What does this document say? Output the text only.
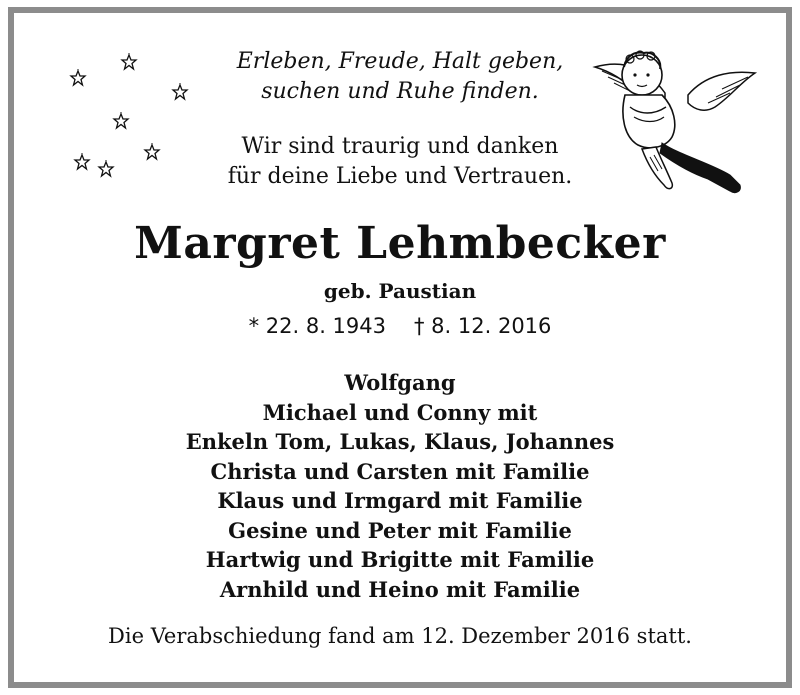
Erleben, Freude, Halt geben,
suchen und Ruhe finden.
Wir sind traurig und danken
für deine Liebe und Vertrauen.
Margret Lehmbecker
geb. Paustian
* 22. 8. 1943 † 8. 12. 2016
Wolfgang
Michael und Conny mit
Enkeln Tom, Lukas, Klaus, Johannes
Christa und Carsten mit Familie
Klaus und Irmgard mit Familie
Gesine und Peter mit Familie
Hartwig und Brigitte mit Familie
Arnhild und Heino mit Familie
Die Verabschiedung fand am 12. Dezember 2016 statt.
